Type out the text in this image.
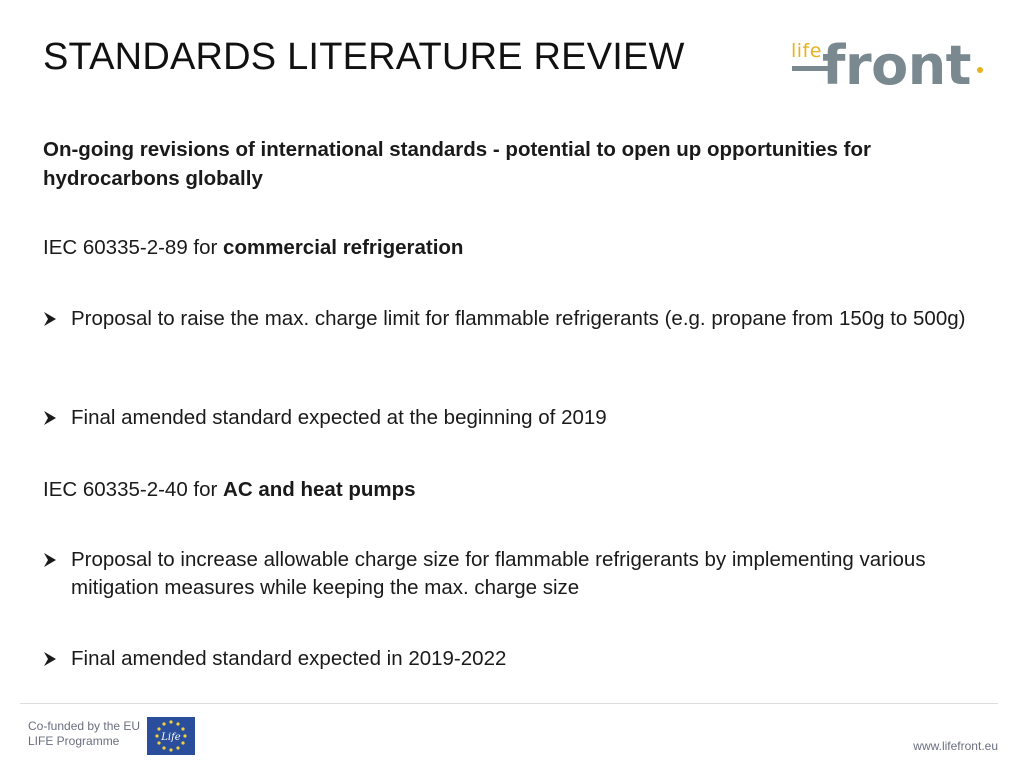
STANDARDS LITERATURE REVIEW	life front
On-going revisions of international standards - potential to open up opportunities for hydrocarbons globally
IEC 60335-2-89 for commercial refrigeration
Proposal to raise the max. charge limit for flammable refrigerants (e.g. propane from 150g to 500g)
Final amended standard expected at the beginning of 2019
IEC 60335-2-40 for AC and heat pumps
Proposal to increase allowable charge size for flammable refrigerants by implementing various mitigation measures while keeping the max. charge size
Final amended standard expected in 2019-2022
Co-funded by the EU
LIFE Programme	Life
www.lifefront.eu
